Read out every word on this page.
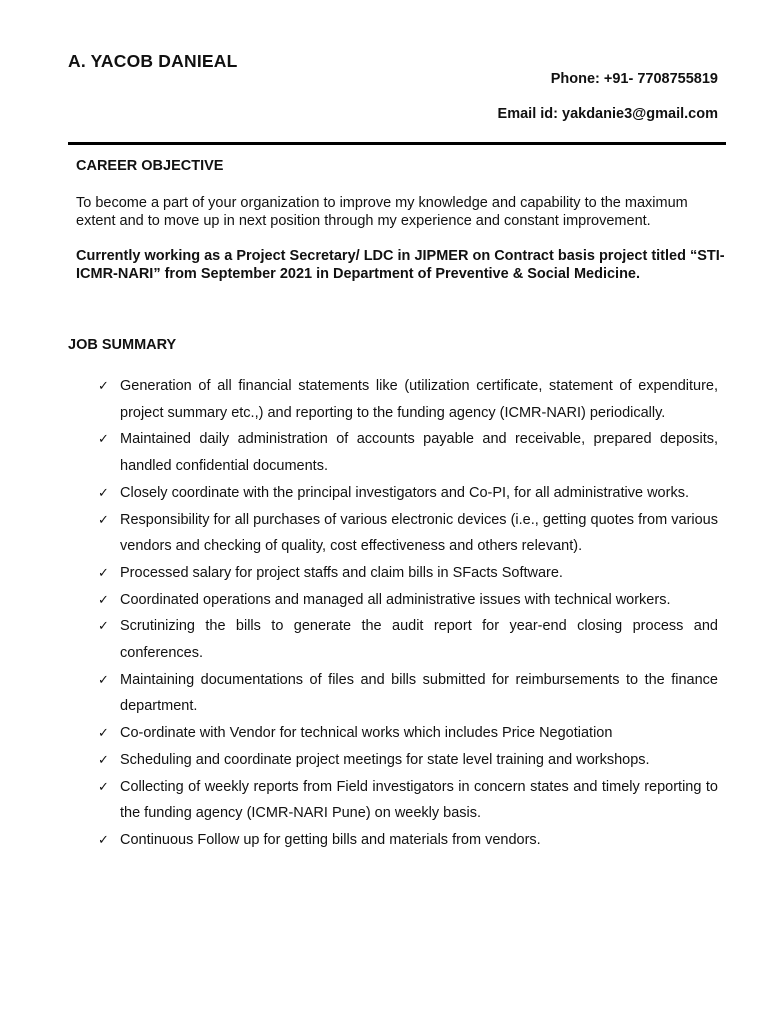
A. YACOB DANIEAL
Phone: +91- 7708755819
Email id: yakdanie3@gmail.com
CAREER OBJECTIVE
To become a part of your organization to improve my knowledge and capability to the maximum extent and to move up in next position through my experience and constant improvement.
Currently working as a Project Secretary/ LDC in JIPMER on Contract basis project titled “STI-ICMR-NARI” from September 2021 in Department of Preventive & Social Medicine.
JOB SUMMARY
✓ Generation of all financial statements like (utilization certificate, statement of expenditure, project summary etc.,) and reporting to the funding agency (ICMR-NARI) periodically.
✓ Maintained daily administration of accounts payable and receivable, prepared deposits, handled confidential documents.
✓ Closely coordinate with the principal investigators and Co-PI, for all administrative works.
✓ Responsibility for all purchases of various electronic devices (i.e., getting quotes from various vendors and checking of quality, cost effectiveness and others relevant).
✓ Processed salary for project staffs and claim bills in SFacts Software.
✓ Coordinated operations and managed all administrative issues with technical workers.
✓ Scrutinizing the bills to generate the audit report for year-end closing process and conferences.
✓ Maintaining documentations of files and bills submitted for reimbursements to the finance department.
✓ Co-ordinate with Vendor for technical works which includes Price Negotiation
✓ Scheduling and coordinate project meetings for state level training and workshops.
✓ Collecting of weekly reports from Field investigators in concern states and timely reporting to the funding agency (ICMR-NARI Pune) on weekly basis.
✓ Continuous Follow up for getting bills and materials from vendors.
